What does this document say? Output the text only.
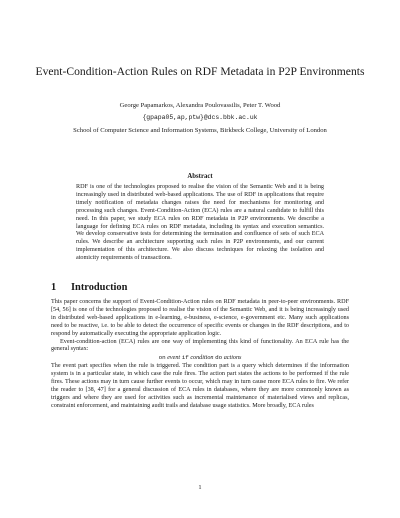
Event-Condition-Action Rules on RDF Metadata in P2P Environments
George Papamarkos, Alexandra Poulovassilis, Peter T. Wood
{gpapa05,ap,ptw}@dcs.bbk.ac.uk
School of Computer Science and Information Systems, Birkbeck College, University of London
Abstract
RDF is one of the technologies proposed to realise the vision of the Semantic Web and it is being increasingly used in distributed web-based applications. The use of RDF in applications that require timely notification of metadata changes raises the need for mechanisms for monitoring and processing such changes. Event-Condition-Action (ECA) rules are a natural candidate to fulfill this need. In this paper, we study ECA rules on RDF metadata in P2P environments. We describe a language for defining ECA rules on RDF metadata, including its syntax and execution semantics. We develop conservative tests for determining the termination and confluence of sets of such ECA rules. We describe an architecture supporting such rules in P2P environments, and our current implementation of this architecture. We also discuss techniques for relaxing the isolation and atomicity requirements of transactions.
1 Introduction

This paper concerns the support of Event-Condition-Action rules on RDF metadata in peer-to-peer environments. RDF [54, 56] is one of the technologies proposed to realise the vision of the Semantic Web, and it is being increasingly used in distributed web-based applications in e-learning, e-business, e-science, e-government etc. Many such applications need to be reactive, i.e. to be able to detect the occurrence of specific events or changes in the RDF descriptions, and to respond by automatically executing the appropriate application logic.

Event-condition-action (ECA) rules are one way of implementing this kind of functionality. An ECA rule has the general syntax:

on event if condition do actions

The event part specifies when the rule is triggered. The condition part is a query which determines if the information system is in a particular state, in which case the rule fires. The action part states the actions to be performed if the rule fires. These actions may in turn cause further events to occur, which may in turn cause more ECA rules to fire. We refer the reader to [38, 47] for a general discussion of ECA rules in databases, where they are more commonly known as triggers and where they are used for activities such as incremental maintenance of materialised views and replicas, constraint enforcement, and maintaining audit trails and database usage statistics. More broadly, ECA rules

1
